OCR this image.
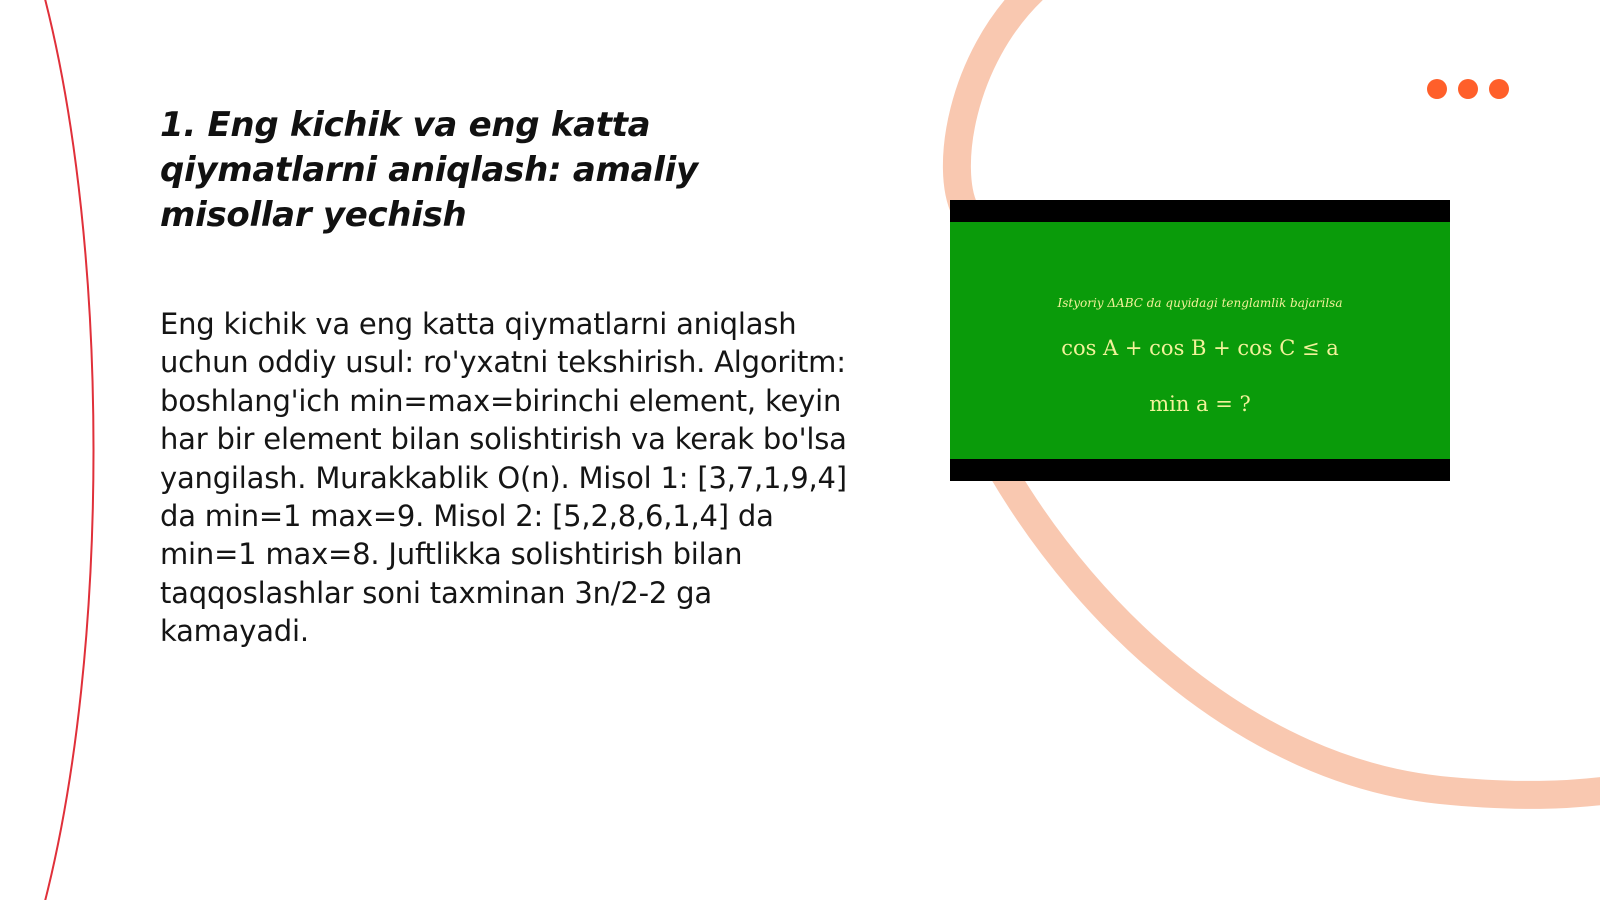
1. Eng kichik va eng katta qiymatlarni aniqlash: amaliy misollar yechish

Eng kichik va eng katta qiymatlarni aniqlash uchun oddiy usul: ro'yxatni tekshirish. Algoritm: boshlang'ich min=max=birinchi element, keyin har bir element bilan solishtirish va kerak bo'lsa yangilash. Murakkablik O(n). Misol 1: [3,7,1,9,4] da min=1 max=9. Misol 2: [5,2,8,6,1,4] da min=1 max=8. Juftlikka solishtirish bilan taqqoslashlar soni taxminan 3n/2-2 ga kamayadi.

Istyoriy ΔABC da quyidagi tenglamlik bajarilsa
cos A + cos B + cos C ≤ a
min a = ?
